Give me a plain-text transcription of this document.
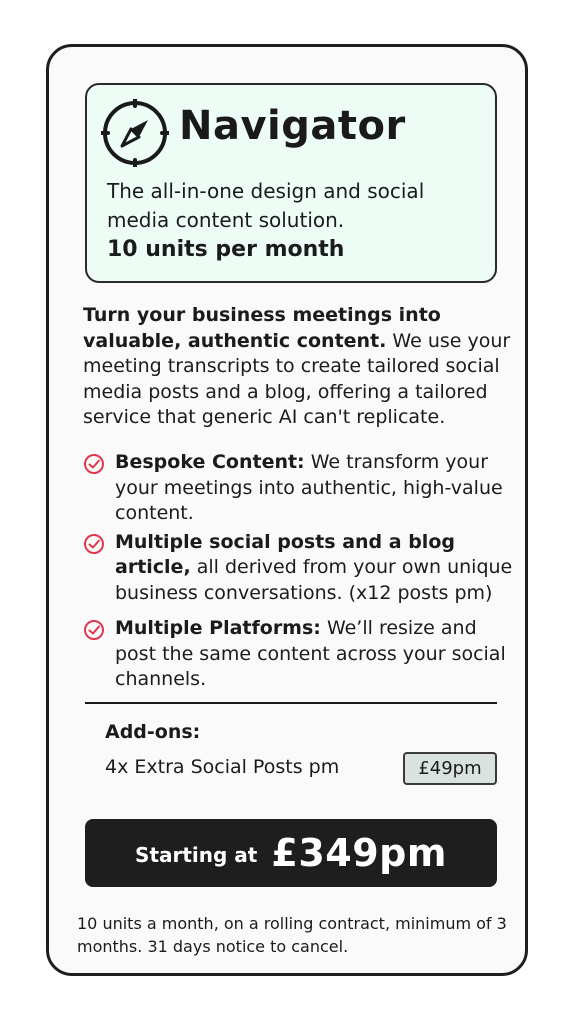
Navigator
The all-in-one design and social media content solution.
10 units per month
Turn your business meetings into valuable, authentic content. We use your meeting transcripts to create tailored social media posts and a blog, offering a tailored service that generic AI can't replicate.
Bespoke Content: We transform your your meetings into authentic, high-value content.
Multiple social posts and a blog article, all derived from your own unique business conversations. (x12 posts pm)
Multiple Platforms: We’ll resize and post the same content across your social channels.
Add-ons:
4x Extra Social Posts pm	£49pm
Starting at £349pm
10 units a month, on a rolling contract, minimum of 3 months. 31 days notice to cancel.
